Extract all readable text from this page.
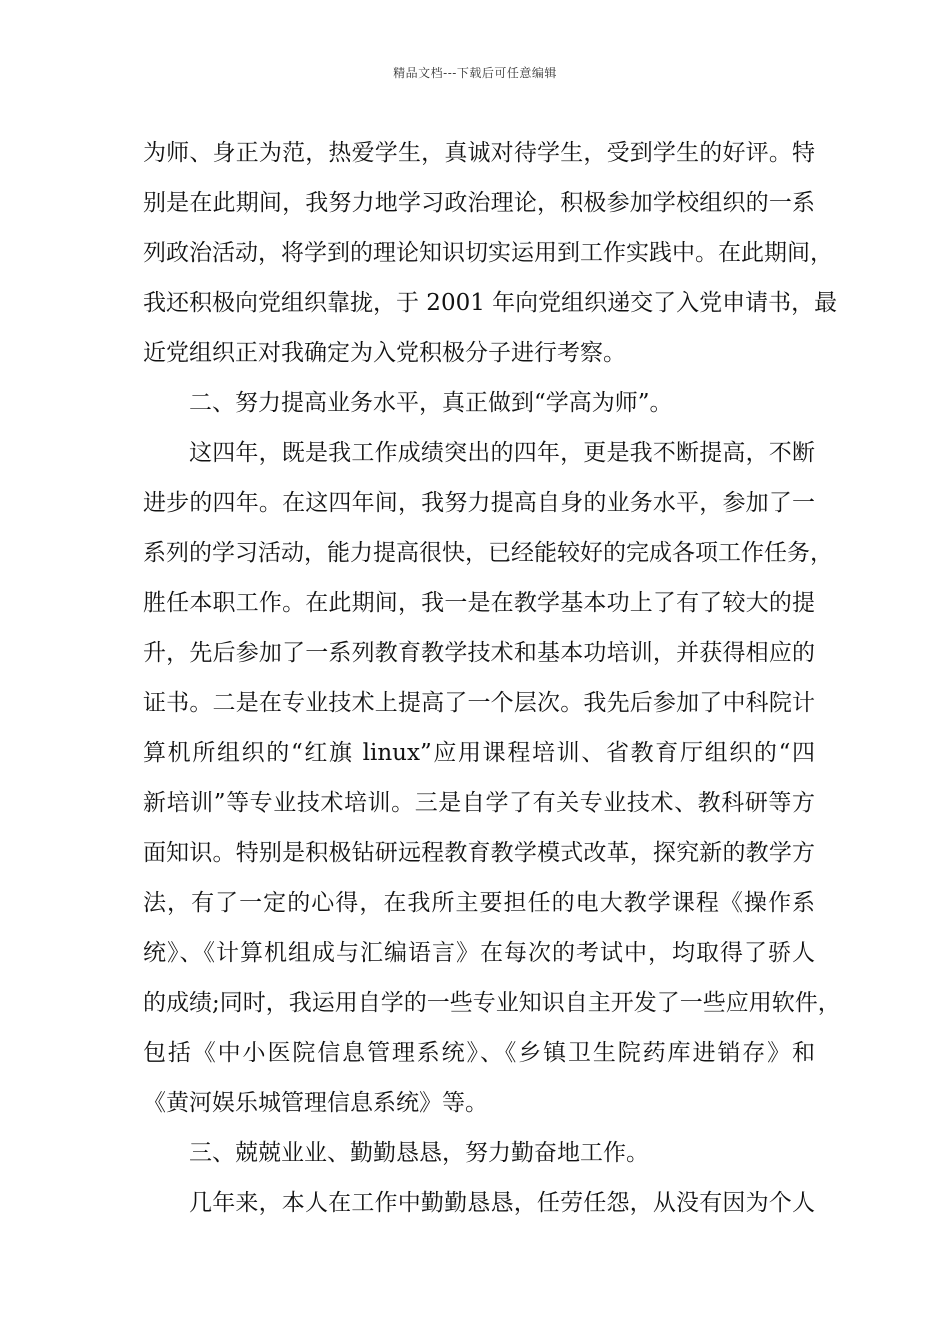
精品文档---下载后可任意编辑
为师、身正为范，热爱学生，真诚对待学生，受到学生的好评。特
别是在此期间，我努力地学习政治理论，积极参加学校组织的一系
列政治活动，将学到的理论知识切实运用到工作实践中。在此期间，
我还积极向党组织靠拢，于 2001 年向党组织递交了入党申请书，最
近党组织正对我确定为入党积极分子进行考察。
二、努力提高业务水平，真正做到“学高为师”。
这四年，既是我工作成绩突出的四年，更是我不断提高，不断
进步的四年。在这四年间，我努力提高自身的业务水平，参加了一
系列的学习活动，能力提高很快，已经能较好的完成各项工作任务，
胜任本职工作。在此期间，我一是在教学基本功上了有了较大的提
升，先后参加了一系列教育教学技术和基本功培训，并获得相应的
证书。二是在专业技术上提高了一个层次。我先后参加了中科院计
算机所组织的“红旗 linux”应用课程培训、省教育厅组织的“四
新培训”等专业技术培训。三是自学了有关专业技术、教科研等方
面知识。特别是积极钻研远程教育教学模式改革，探究新的教学方
法，有了一定的心得，在我所主要担任的电大教学课程《操作系
统》、《计算机组成与汇编语言》在每次的考试中，均取得了骄人
的成绩;同时，我运用自学的一些专业知识自主开发了一些应用软件，
包括《中小医院信息管理系统》、《乡镇卫生院药库进销存》和
《黄河娱乐城管理信息系统》等。
三、兢兢业业、勤勤恳恳，努力勤奋地工作。
几年来，本人在工作中勤勤恳恳，任劳任怨，从没有因为个人
